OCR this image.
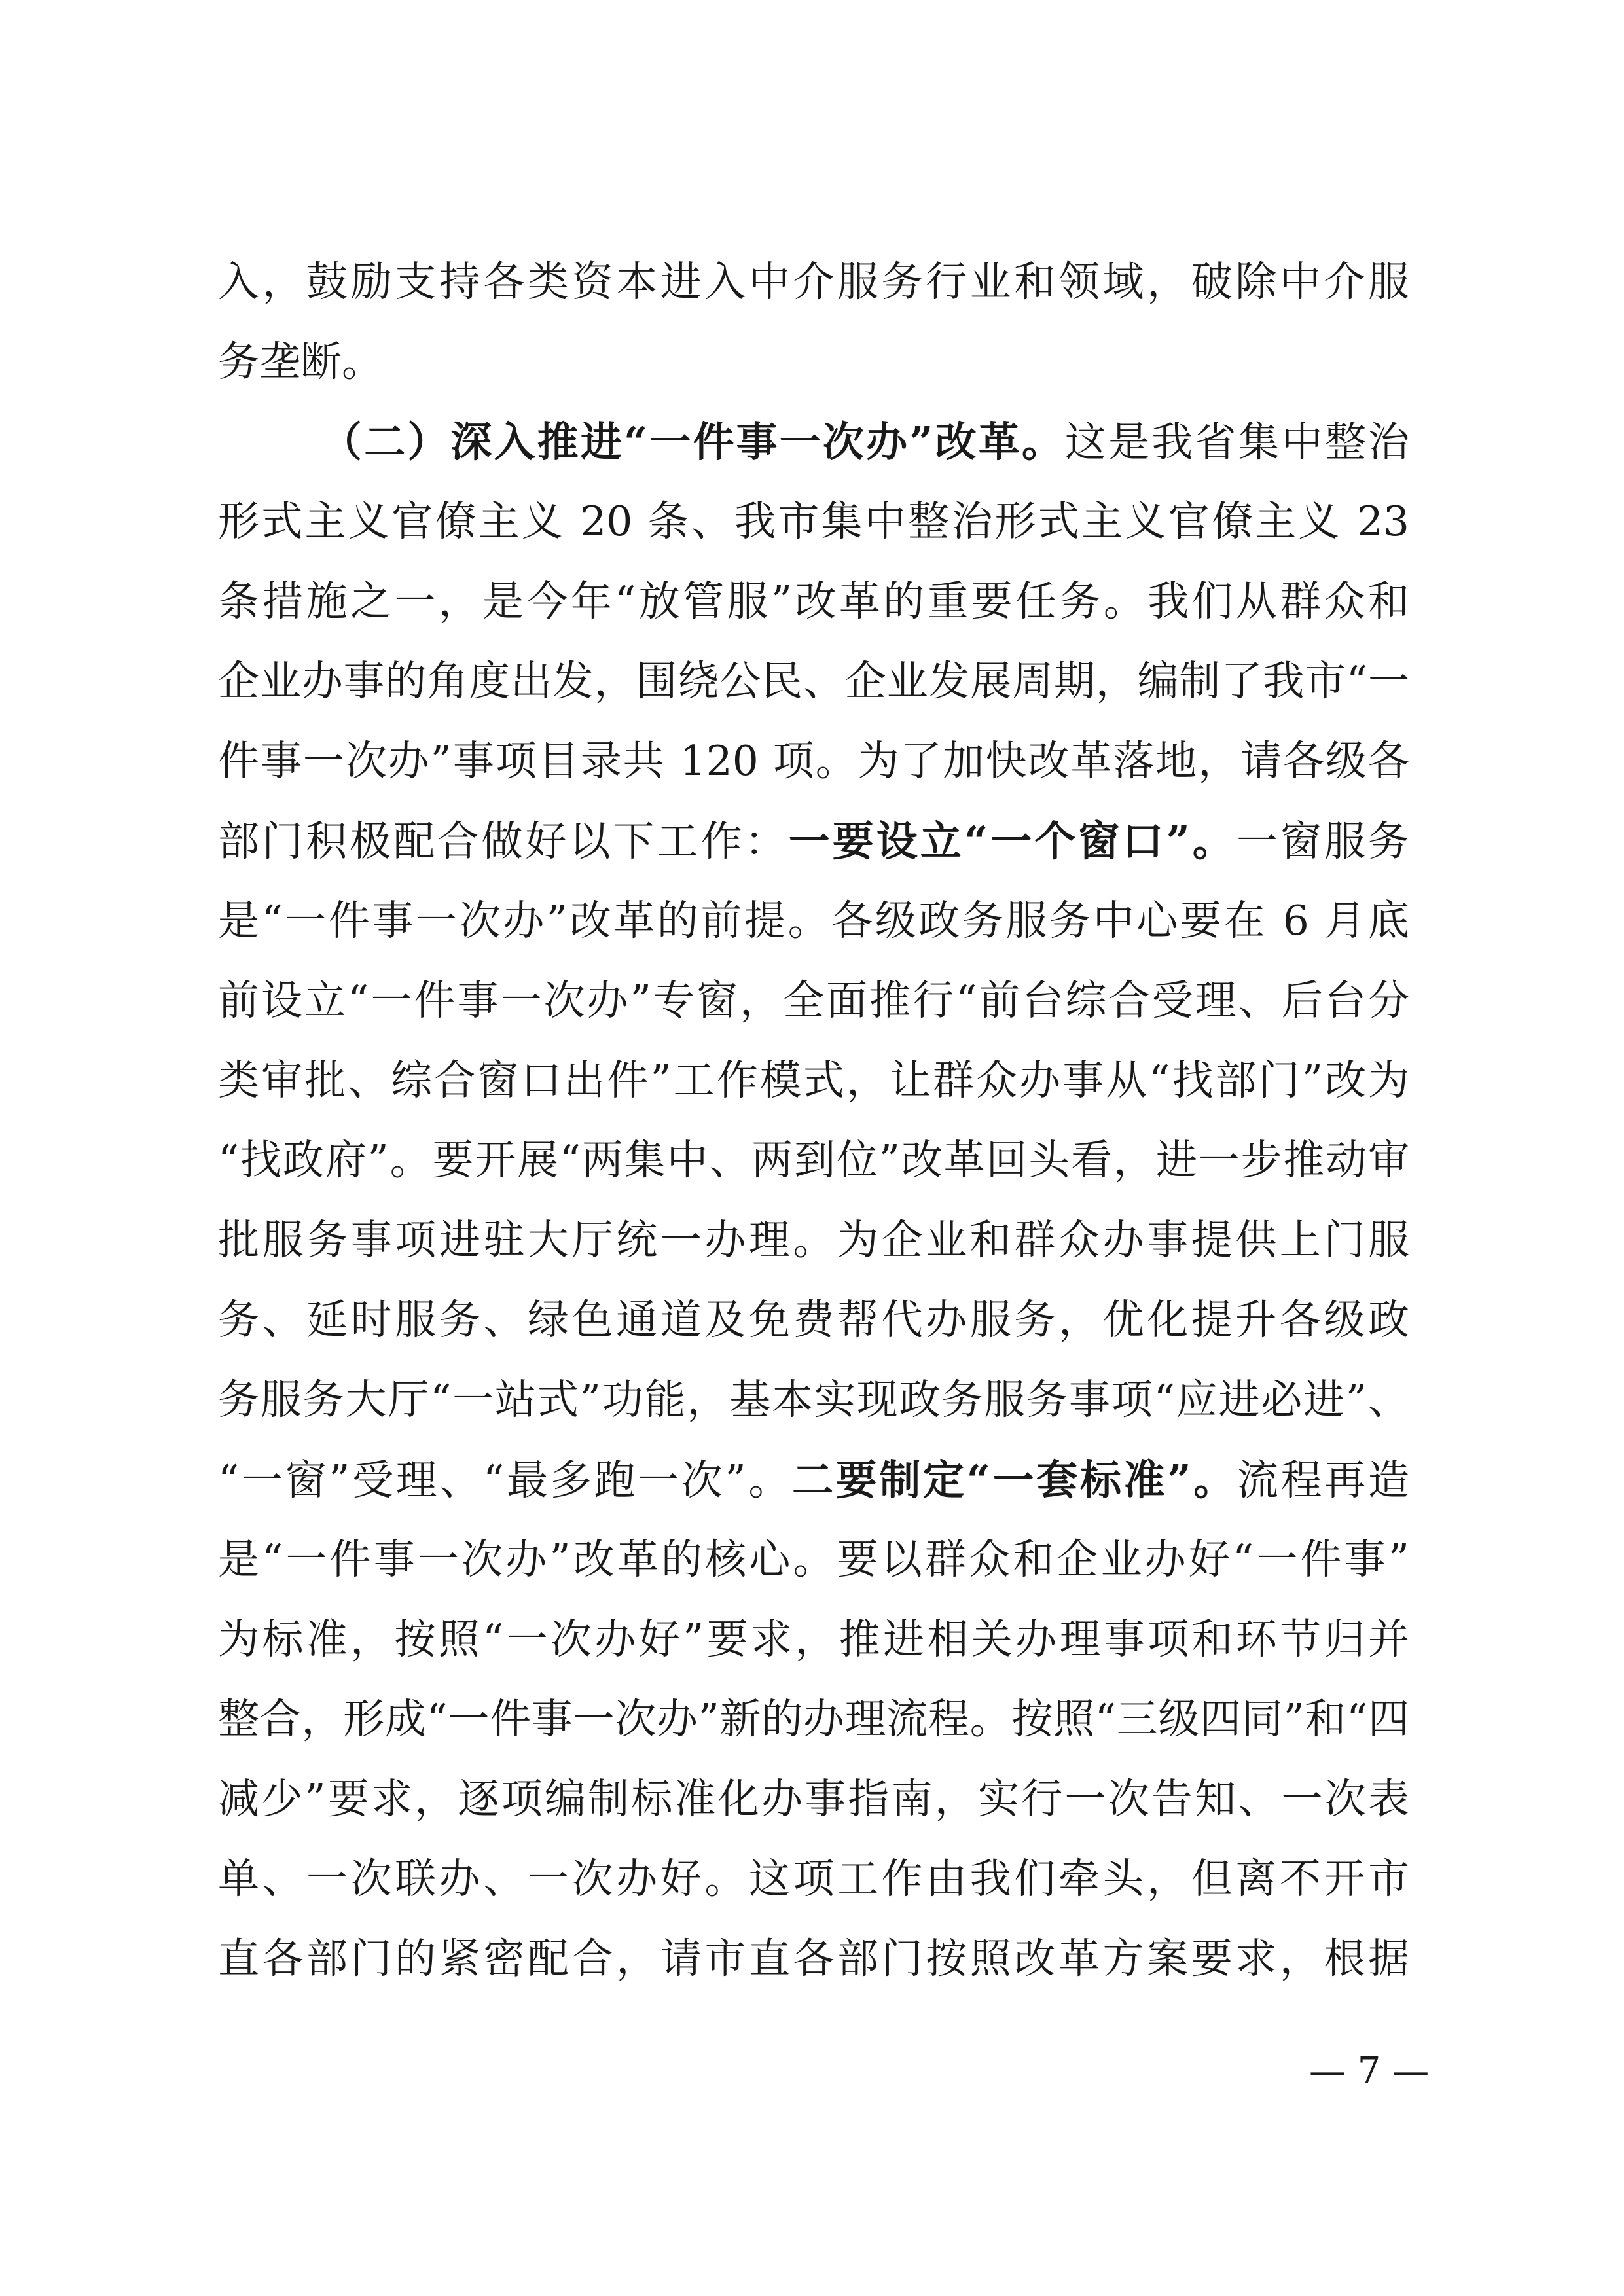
入，鼓励支持各类资本进入中介服务行业和领域，破除中介服
务垄断。
（二）深入推进“一件事一次办”改革。这是我省集中整治
形式主义官僚主义 20 条、我市集中整治形式主义官僚主义 23
条措施之一，是今年“放管服”改革的重要任务。我们从群众和
企业办事的角度出发，围绕公民、企业发展周期，编制了我市“一
件事一次办”事项目录共 120 项。为了加快改革落地，请各级各
部门积极配合做好以下工作：一要设立“一个窗口”。一窗服务
是“一件事一次办”改革的前提。各级政务服务中心要在 6 月底
前设立“一件事一次办”专窗，全面推行“前台综合受理、后台分
类审批、综合窗口出件”工作模式，让群众办事从“找部门”改为
“找政府”。要开展“两集中、两到位”改革回头看，进一步推动审
批服务事项进驻大厅统一办理。为企业和群众办事提供上门服
务、延时服务、绿色通道及免费帮代办服务，优化提升各级政
务服务大厅“一站式”功能，基本实现政务服务事项“应进必进”、
“一窗”受理、“最多跑一次”。二要制定“一套标准”。流程再造
是“一件事一次办”改革的核心。要以群众和企业办好“一件事”
为标准，按照“一次办好”要求，推进相关办理事项和环节归并
整合，形成“一件事一次办”新的办理流程。按照“三级四同”和“四
减少”要求，逐项编制标准化办事指南，实行一次告知、一次表
单、一次联办、一次办好。这项工作由我们牵头，但离不开市
直各部门的紧密配合，请市直各部门按照改革方案要求，根据
— 7 —
